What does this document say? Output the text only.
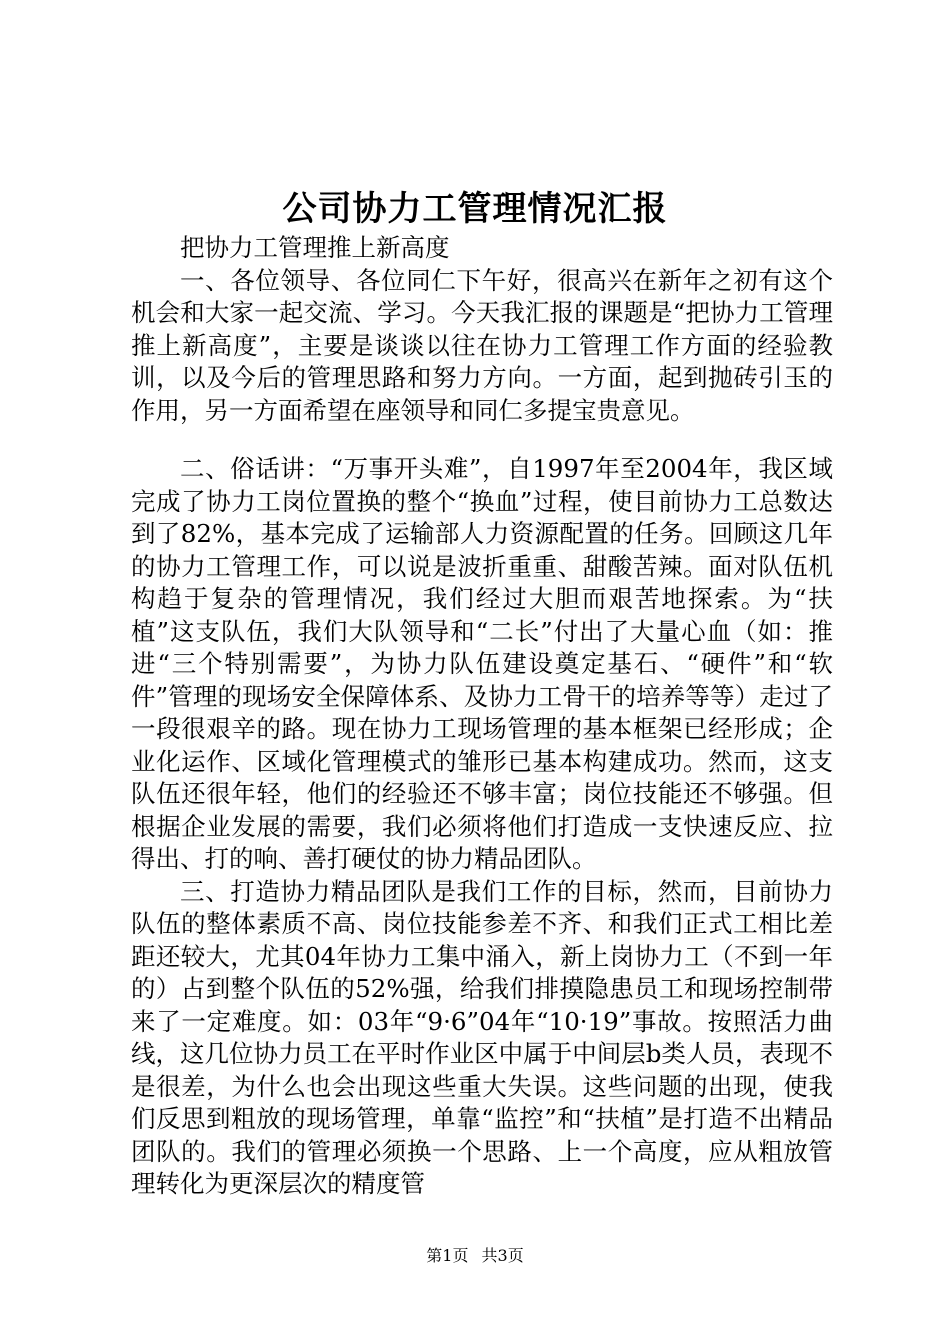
公司协力工管理情况汇报

把协力工管理推上新高度

一、各位领导、各位同仁下午好，很高兴在新年之初有这个机会和大家一起交流、学习。今天我汇报的课题是“把协力工管理推上新高度”，主要是谈谈以往在协力工管理工作方面的经验教训，以及今后的管理思路和努力方向。一方面，起到抛砖引玉的作用，另一方面希望在座领导和同仁多提宝贵意见。

二、俗话讲：“万事开头难”，自1997年至2004年，我区域完成了协力工岗位置换的整个“换血”过程，使目前协力工总数达到了82%，基本完成了运输部人力资源配置的任务。回顾这几年的协力工管理工作，可以说是波折重重、甜酸苦辣。面对队伍机构趋于复杂的管理情况，我们经过大胆而艰苦地探索。为“扶植”这支队伍，我们大队领导和“二长”付出了大量心血（如：推进“三个特别需要”，为协力队伍建设奠定基石、“硬件”和“软件”管理的现场安全保障体系、及协力工骨干的培养等等）走过了一段很艰辛的路。现在协力工现场管理的基本框架已经形成；企业化运作、区域化管理模式的雏形已基本构建成功。然而，这支队伍还很年轻，他们的经验还不够丰富；岗位技能还不够强。但根据企业发展的需要，我们必须将他们打造成一支快速反应、拉得出、打的响、善打硬仗的协力精品团队。

三、打造协力精品团队是我们工作的目标，然而，目前协力队伍的整体素质不高、岗位技能参差不齐、和我们正式工相比差距还较大，尤其04年协力工集中涌入，新上岗协力工（不到一年的）占到整个队伍的52%强，给我们排摸隐患员工和现场控制带来了一定难度。如：03年“9·6”04年“10·19”事故。按照活力曲线，这几位协力员工在平时作业区中属于中间层b类人员，表现不是很差，为什么也会出现这些重大失误。这些问题的出现，使我们反思到粗放的现场管理，单靠“监控”和“扶植”是打造不出精品团队的。我们的管理必须换一个思路、上一个高度，应从粗放管理转化为更深层次的精度管

第1页 共3页
